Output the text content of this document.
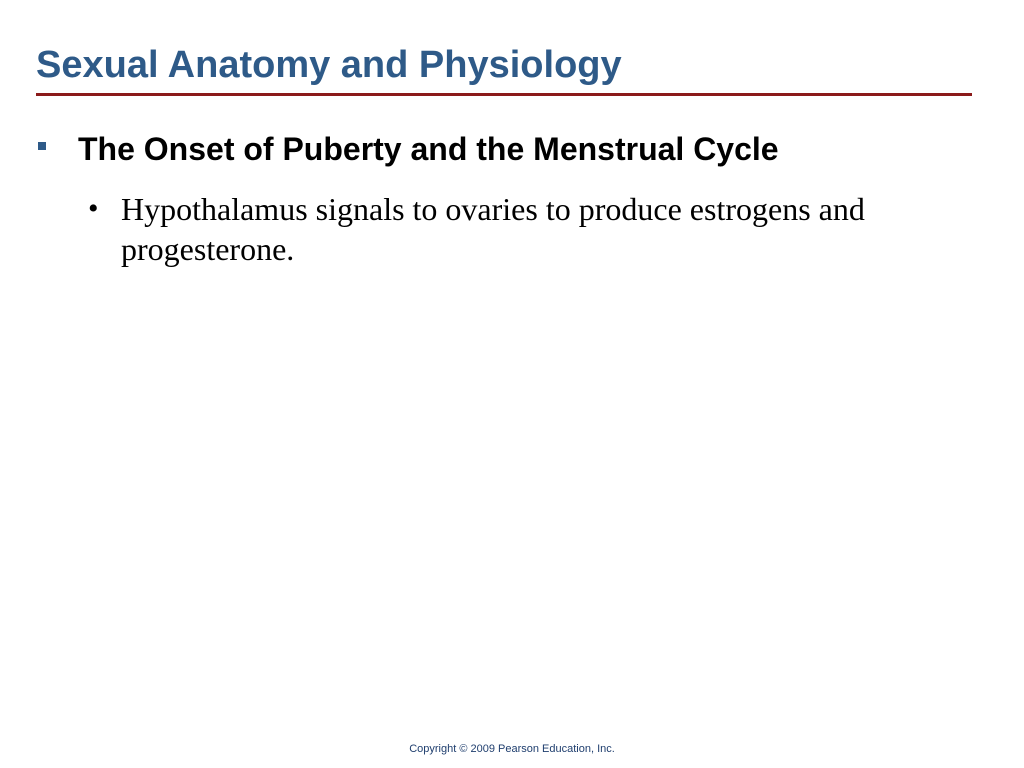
Sexual Anatomy and Physiology
The Onset of Puberty and the Menstrual Cycle
• Hypothalamus signals to ovaries to produce estrogens and progesterone.

Copyright © 2009 Pearson Education, Inc.
